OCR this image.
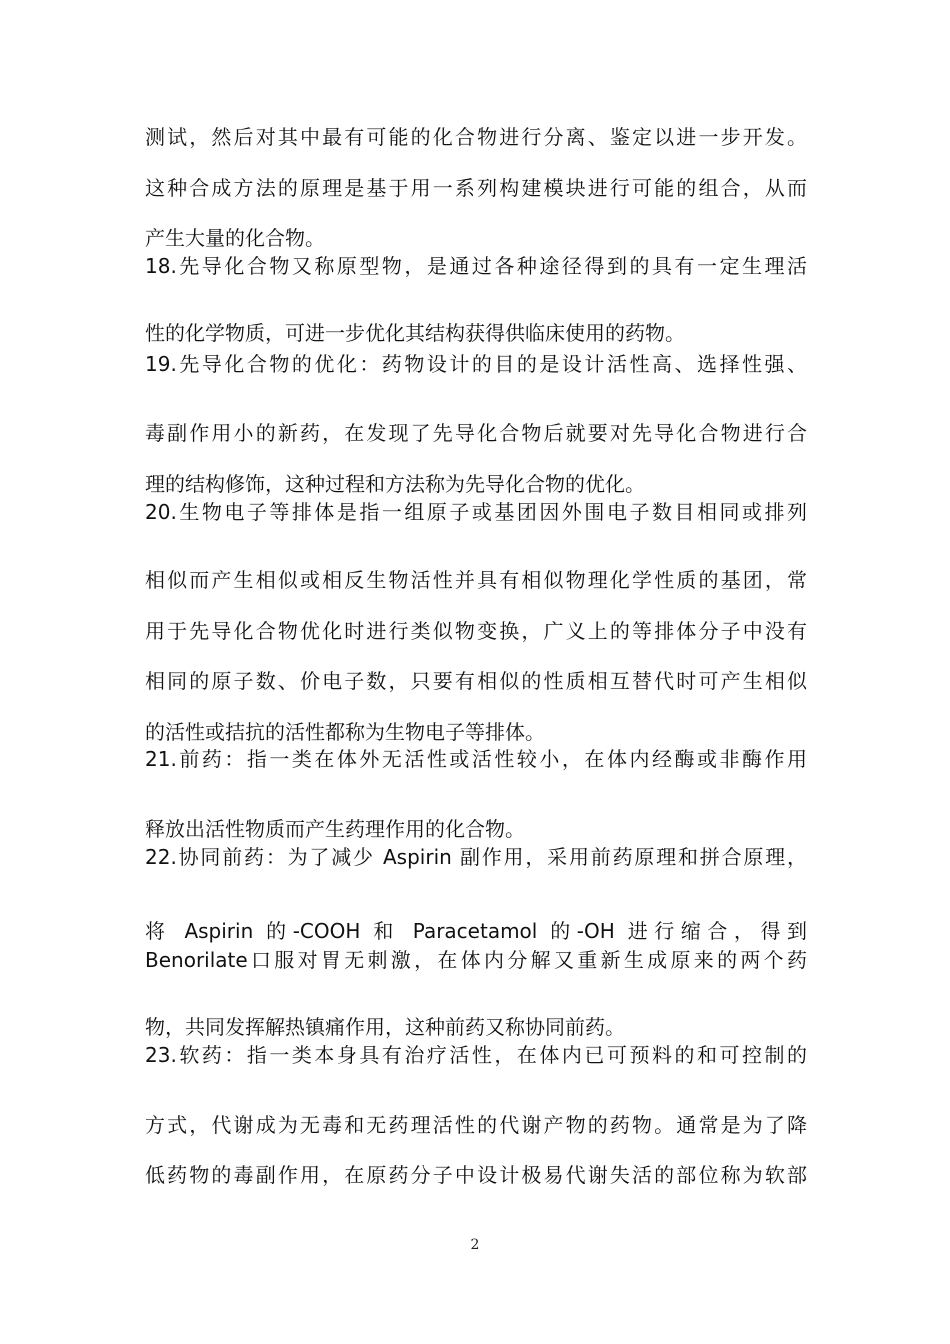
测试，然后对其中最有可能的化合物进行分离、鉴定以进一步开发。
这种合成方法的原理是基于用一系列构建模块进行可能的组合，从而
产生大量的化合物。
18.先导化合物又称原型物，是通过各种途径得到的具有一定生理活
性的化学物质，可进一步优化其结构获得供临床使用的药物。
19.先导化合物的优化：药物设计的目的是设计活性高、选择性强、
毒副作用小的新药，在发现了先导化合物后就要对先导化合物进行合
理的结构修饰，这种过程和方法称为先导化合物的优化。
20.生物电子等排体是指一组原子或基团因外围电子数目相同或排列
相似而产生相似或相反生物活性并具有相似物理化学性质的基团，常
用于先导化合物优化时进行类似物变换，广义上的等排体分子中没有
相同的原子数、价电子数，只要有相似的性质相互替代时可产生相似
的活性或拮抗的活性都称为生物电子等排体。
21.前药：指一类在体外无活性或活性较小，在体内经酶或非酶作用
释放出活性物质而产生药理作用的化合物。
22.协同前药：为了减少 Aspirin 副作用，采用前药原理和拼合原理，
将 Aspirin 的-COOH 和 Paracetamol 的-OH 进行缩合，得到
Benorilate口服对胃无刺激，在体内分解又重新生成原来的两个药
物，共同发挥解热镇痛作用，这种前药又称协同前药。
23.软药：指一类本身具有治疗活性，在体内已可预料的和可控制的
方式，代谢成为无毒和无药理活性的代谢产物的药物。通常是为了降
低药物的毒副作用，在原药分子中设计极易代谢失活的部位称为软部
2
